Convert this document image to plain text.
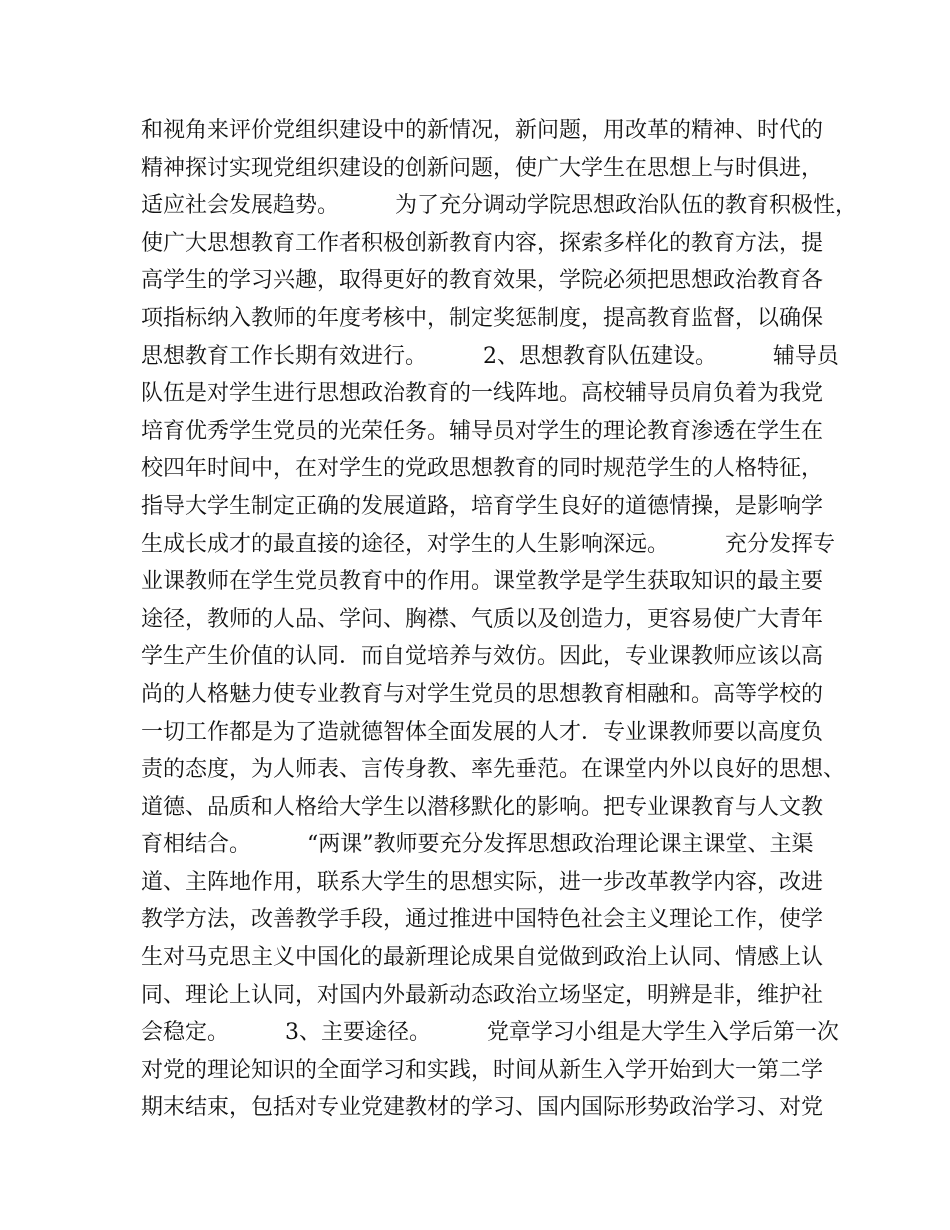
和视角来评价党组织建设中的新情况，新问题，用改革的精神、时代的
精神探讨实现党组织建设的创新问题，使广大学生在思想上与时俱进，
适应社会发展趋势。        为了充分调动学院思想政治队伍的教育积极性，
使广大思想教育工作者积极创新教育内容，探索多样化的教育方法，提
高学生的学习兴趣，取得更好的教育效果，学院必须把思想政治教育各
项指标纳入教师的年度考核中，制定奖惩制度，提高教育监督，以确保
思想教育工作长期有效进行。        2、思想教育队伍建设。        辅导员
队伍是对学生进行思想政治教育的一线阵地。高校辅导员肩负着为我党
培育优秀学生党员的光荣任务。辅导员对学生的理论教育渗透在学生在
校四年时间中，在对学生的党政思想教育的同时规范学生的人格特征，
指导大学生制定正确的发展道路，培育学生良好的道德情操，是影响学
生成长成才的最直接的途径，对学生的人生影响深远。        充分发挥专
业课教师在学生党员教育中的作用。课堂教学是学生获取知识的最主要
途径，教师的人品、学问、胸襟、气质以及创造力，更容易使广大青年
学生产生价值的认同．而自觉培养与效仿。因此，专业课教师应该以高
尚的人格魅力使专业教育与对学生党员的思想教育相融和。高等学校的
一切工作都是为了造就德智体全面发展的人才．专业课教师要以高度负
责的态度，为人师表、言传身教、率先垂范。在课堂内外以良好的思想、
道德、品质和人格给大学生以潜移默化的影响。把专业课教育与人文教
育相结合。        “两课”教师要充分发挥思想政治理论课主课堂、主渠
道、主阵地作用，联系大学生的思想实际，进一步改革教学内容，改进
教学方法，改善教学手段，通过推进中国特色社会主义理论工作，使学
生对马克思主义中国化的最新理论成果自觉做到政治上认同、情感上认
同、理论上认同，对国内外最新动态政治立场坚定，明辨是非，维护社
会稳定。        3、主要途径。        党章学习小组是大学生入学后第一次
对党的理论知识的全面学习和实践，时间从新生入学开始到大一第二学
期末结束，包括对专业党建教材的学习、国内国际形势政治学习、对党
